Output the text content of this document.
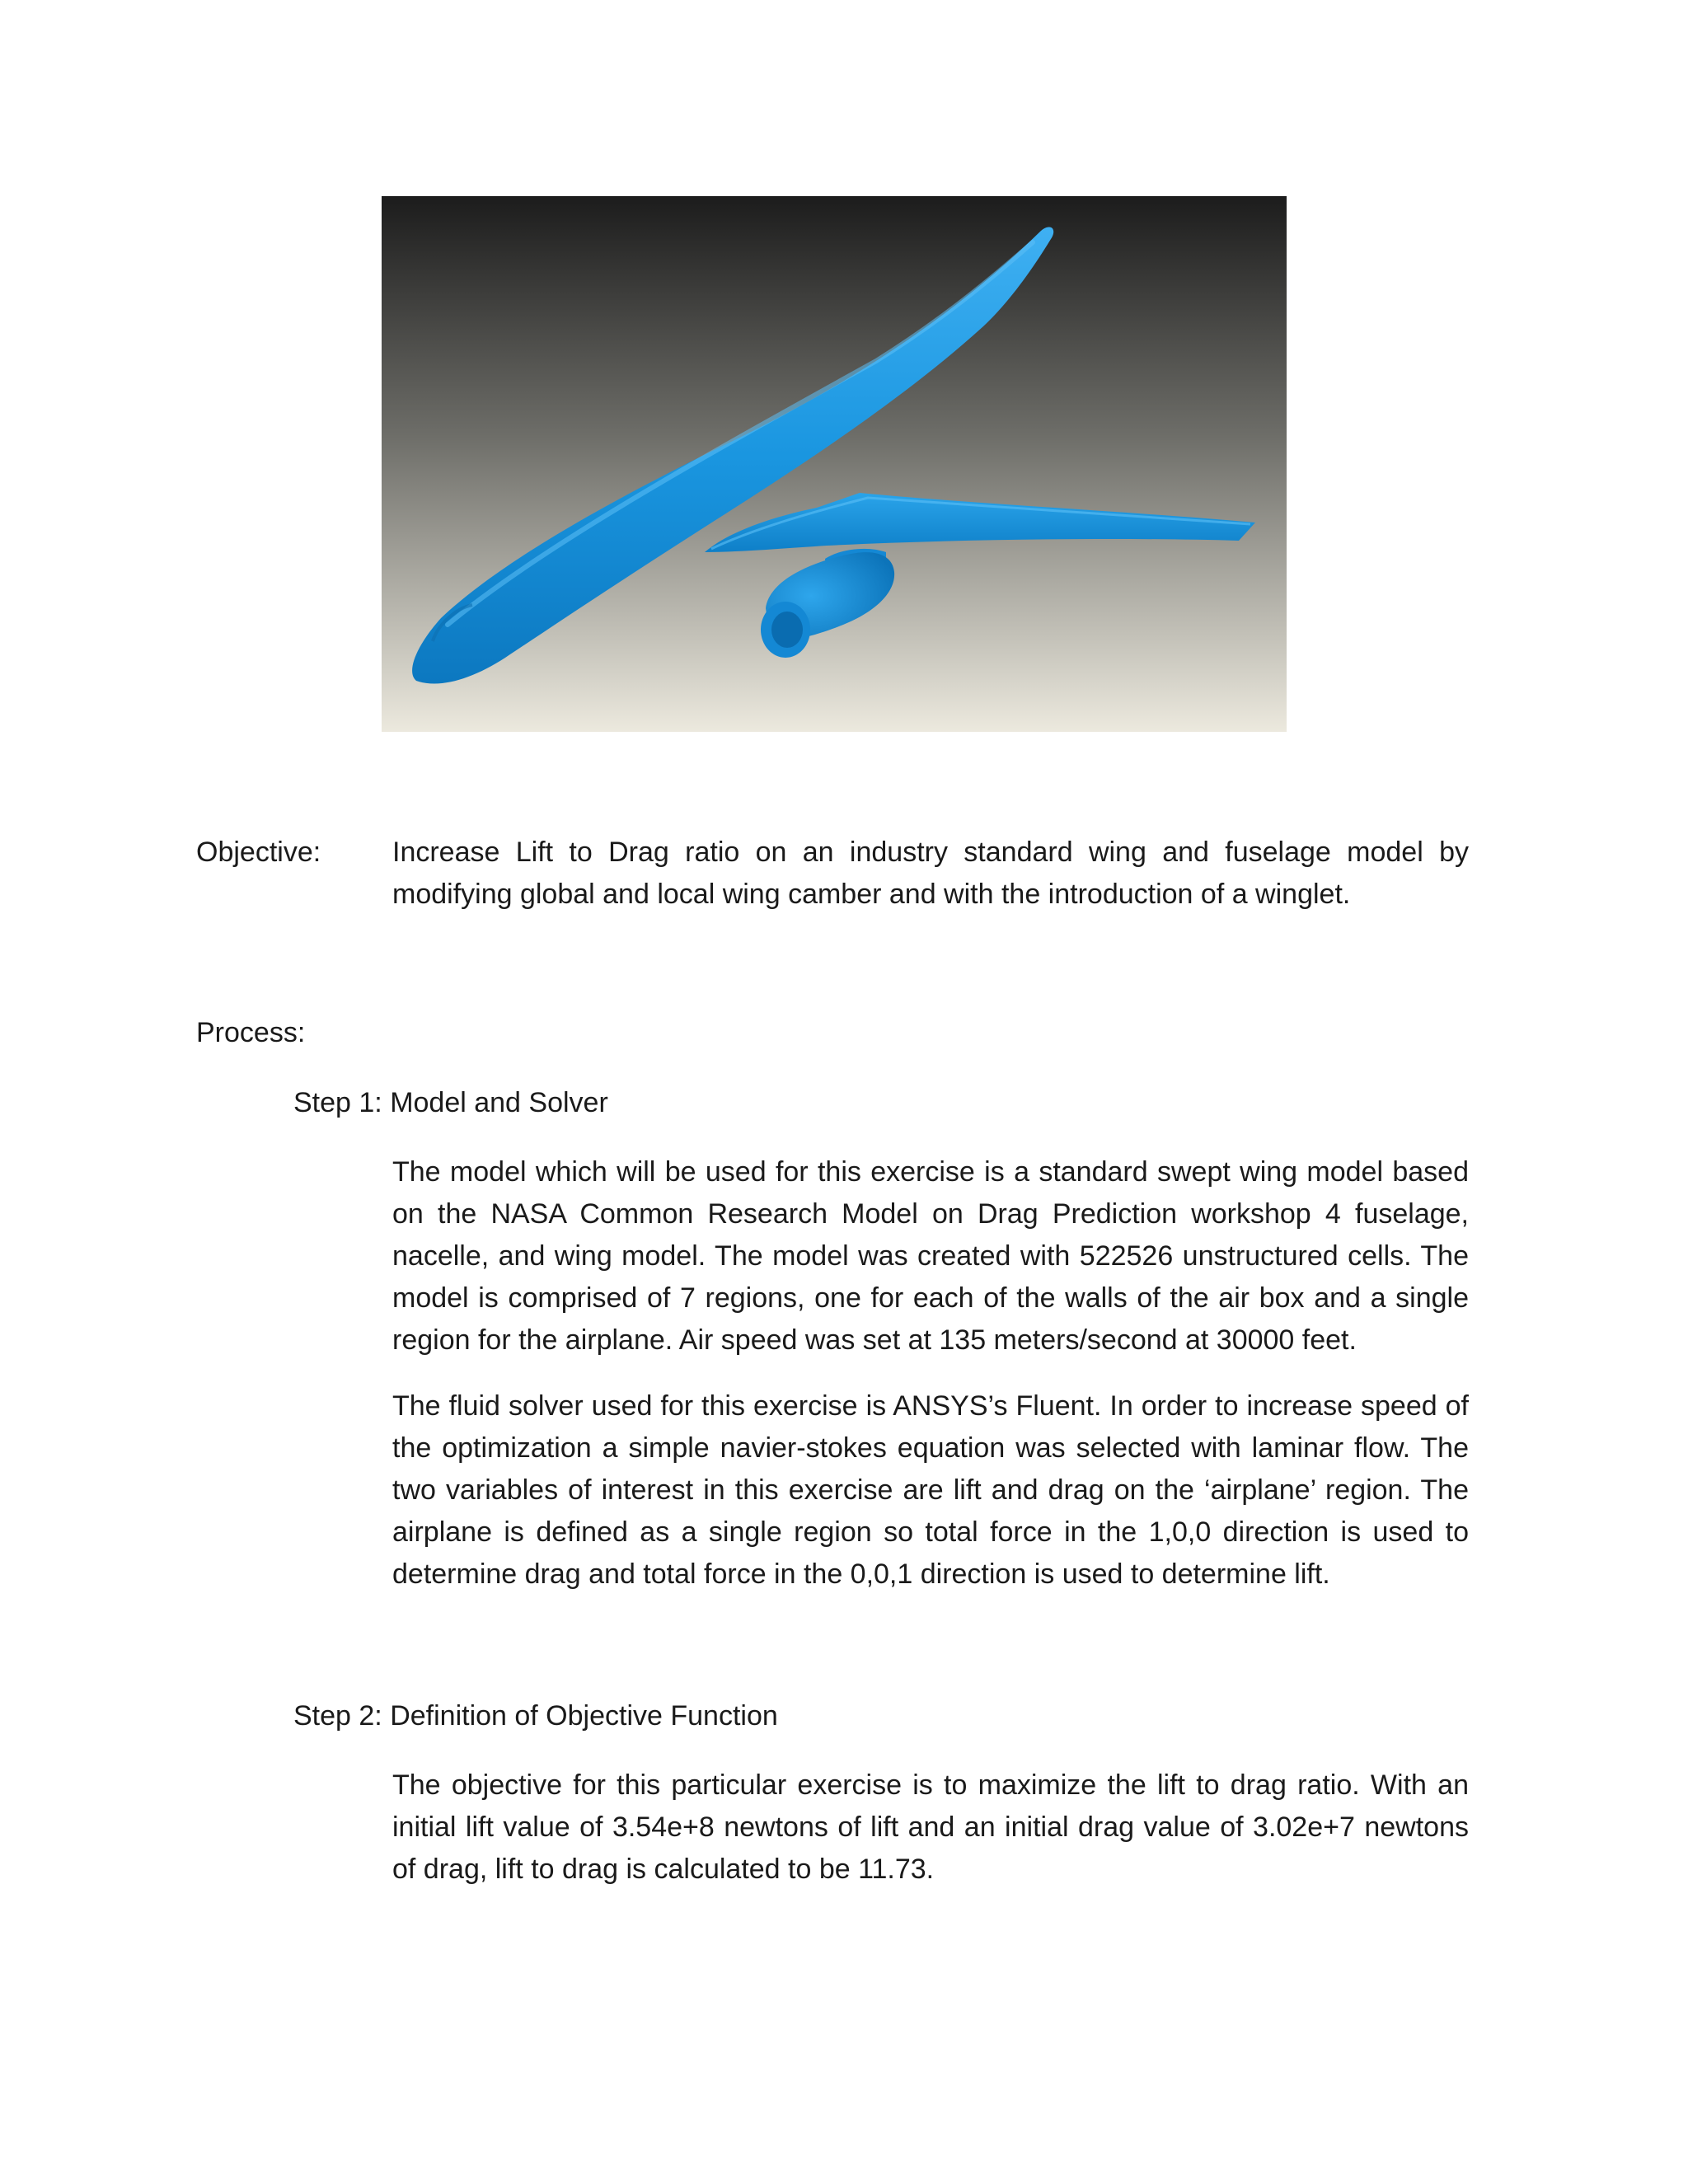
Objective:	Increase Lift to Drag ratio on an industry standard wing and fuselage model by modifying global and local wing camber and with the introduction of a winglet.

Process:

Step 1: Model and Solver

The model which will be used for this exercise is a standard swept wing model based on the NASA Common Research Model on Drag Prediction workshop 4 fuselage, nacelle, and wing model. The model was created with 522526 unstructured cells. The model is comprised of 7 regions, one for each of the walls of the air box and a single region for the airplane. Air speed was set at 135 meters/second at 30000 feet.

The fluid solver used for this exercise is ANSYS’s Fluent. In order to increase speed of the optimization a simple navier-stokes equation was selected with laminar flow. The two variables of interest in this exercise are lift and drag on the ‘airplane’ region. The airplane is defined as a single region so total force in the 1,0,0 direction is used to determine drag and total force in the 0,0,1 direction is used to determine lift.

Step 2: Definition of Objective Function

The objective for this particular exercise is to maximize the lift to drag ratio. With an initial lift value of 3.54e+8 newtons of lift and an initial drag value of 3.02e+7 newtons of drag, lift to drag is calculated to be 11.73.
